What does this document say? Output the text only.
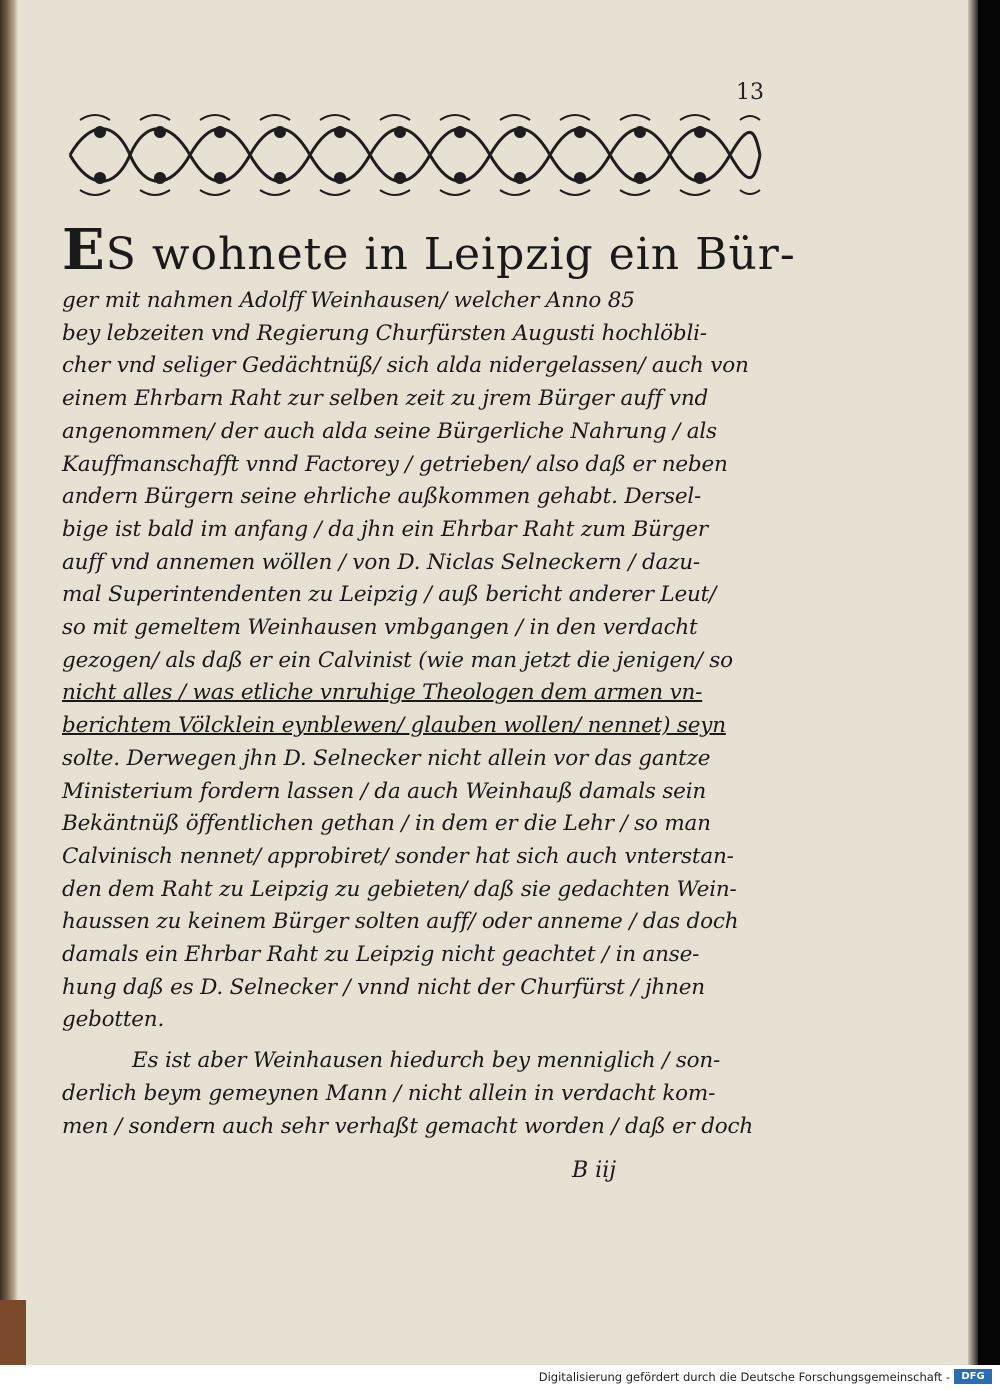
13
ES wohnete in Leipzig ein Bür-
ger mit nahmen Adolff Weinhausen/ welcher Anno 85
bey lebzeiten vnd Regierung Churfürsten Augusti hochlöbli-
cher vnd seliger Gedächtnüß/ sich alda nidergelassen/ auch von
einem Ehrbarn Raht zur selben zeit zu jrem Bürger auff vnd
angenommen/ der auch alda seine Bürgerliche Nahrung / als
Kauffmanschafft vnnd Factorey / getrieben/ also daß er neben
andern Bürgern seine ehrliche außkommen gehabt. Dersel-
bige ist bald im anfang / da jhn ein Ehrbar Raht zum Bürger
auff vnd annemen wöllen / von D. Niclas Selneckern / dazu-
mal Superintendenten zu Leipzig / auß bericht anderer Leut/
so mit gemeltem Weinhausen vmbgangen / in den verdacht
gezogen/ als daß er ein Calvinist (wie man jetzt die jenigen/ so
nicht alles / was etliche vnruhige Theologen dem armen vn-
berichtem Völcklein eynblewen/ glauben wollen/ nennet) seyn
solte. Derwegen jhn D. Selnecker nicht allein vor das gantze
Ministerium fordern lassen / da auch Weinhauß damals sein
Bekäntnüß öffentlichen gethan / in dem er die Lehr / so man
Calvinisch nennet/ approbiret/ sonder hat sich auch vnterstan-
den dem Raht zu Leipzig zu gebieten/ daß sie gedachten Wein-
haussen zu keinem Bürger solten auff/ oder anneme / das doch
damals ein Ehrbar Raht zu Leipzig nicht geachtet / in anse-
hung daß es D. Selnecker / vnnd nicht der Churfürst / jhnen
gebotten.
Es ist aber Weinhausen hiedurch bey menniglich / son-
derlich beym gemeynen Mann / nicht allein in verdacht kom-
men / sondern auch sehr verhaßt gemacht worden / daß er doch
B iij
Digitalisierung gefördert durch die Deutsche Forschungsgemeinschaft -	DFG
